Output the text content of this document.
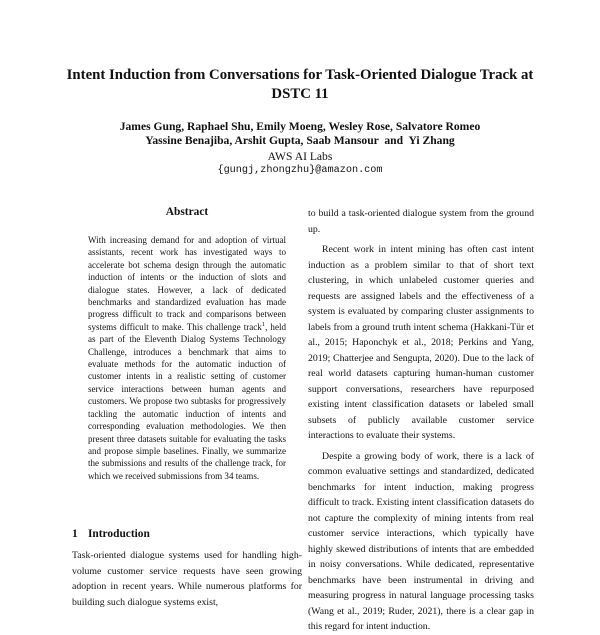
Intent Induction from Conversations for Task-Oriented Dialogue Track at DSTC 11
James Gung, Raphael Shu, Emily Moeng, Wesley Rose, Salvatore Romeo
Yassine Benajiba, Arshit Gupta, Saab Mansour  and  Yi Zhang
AWS AI Labs
{gungj,zhongzhu}@amazon.com
Abstract

With increasing demand for and adoption of virtual assistants, recent work has investigated ways to accelerate bot schema design through the automatic induction of intents or the induction of slots and dialogue states. However, a lack of dedicated benchmarks and standardized evaluation has made progress difficult to track and comparisons between systems difficult to make. This challenge track$^1$, held as part of the Eleventh Dialog Systems Technology Challenge, introduces a benchmark that aims to evaluate methods for the automatic induction of customer intents in a realistic setting of customer service interactions between human agents and customers. We propose two subtasks for progressively tackling the automatic induction of intents and corresponding evaluation methodologies. We then present three datasets suitable for evaluating the tasks and propose simple baselines. Finally, we summarize the submissions and results of the challenge track, for which we received submissions from 34 teams.

1 Introduction

Task-oriented dialogue systems used for handling high-volume customer service requests have seen growing adoption in recent years. While numerous platforms for building such dialogue systems exist,

to build a task-oriented dialogue system from the ground up.

Recent work in intent mining has often cast intent induction as a problem similar to that of short text clustering, in which unlabeled customer queries and requests are assigned labels and the effectiveness of a system is evaluated by comparing cluster assignments to labels from a ground truth intent schema (Hakkani-Tür et al., 2015; Haponchyk et al., 2018; Perkins and Yang, 2019; Chatterjee and Sengupta, 2020). Due to the lack of real world datasets capturing human-human customer support conversations, researchers have repurposed existing intent classification datasets or labeled small subsets of publicly available customer service interactions to evaluate their systems.

Despite a growing body of work, there is a lack of common evaluative settings and standardized, dedicated benchmarks for intent induction, making progress difficult to track. Existing intent classification datasets do not capture the complexity of mining intents from real customer service interactions, which typically have highly skewed distributions of intents that are embedded in noisy conversations. While dedicated, representative benchmarks have been instrumental in driving and measuring progress in natural language processing tasks (Wang et al., 2019; Ruder, 2021), there is a clear gap in this regard for intent induction.
